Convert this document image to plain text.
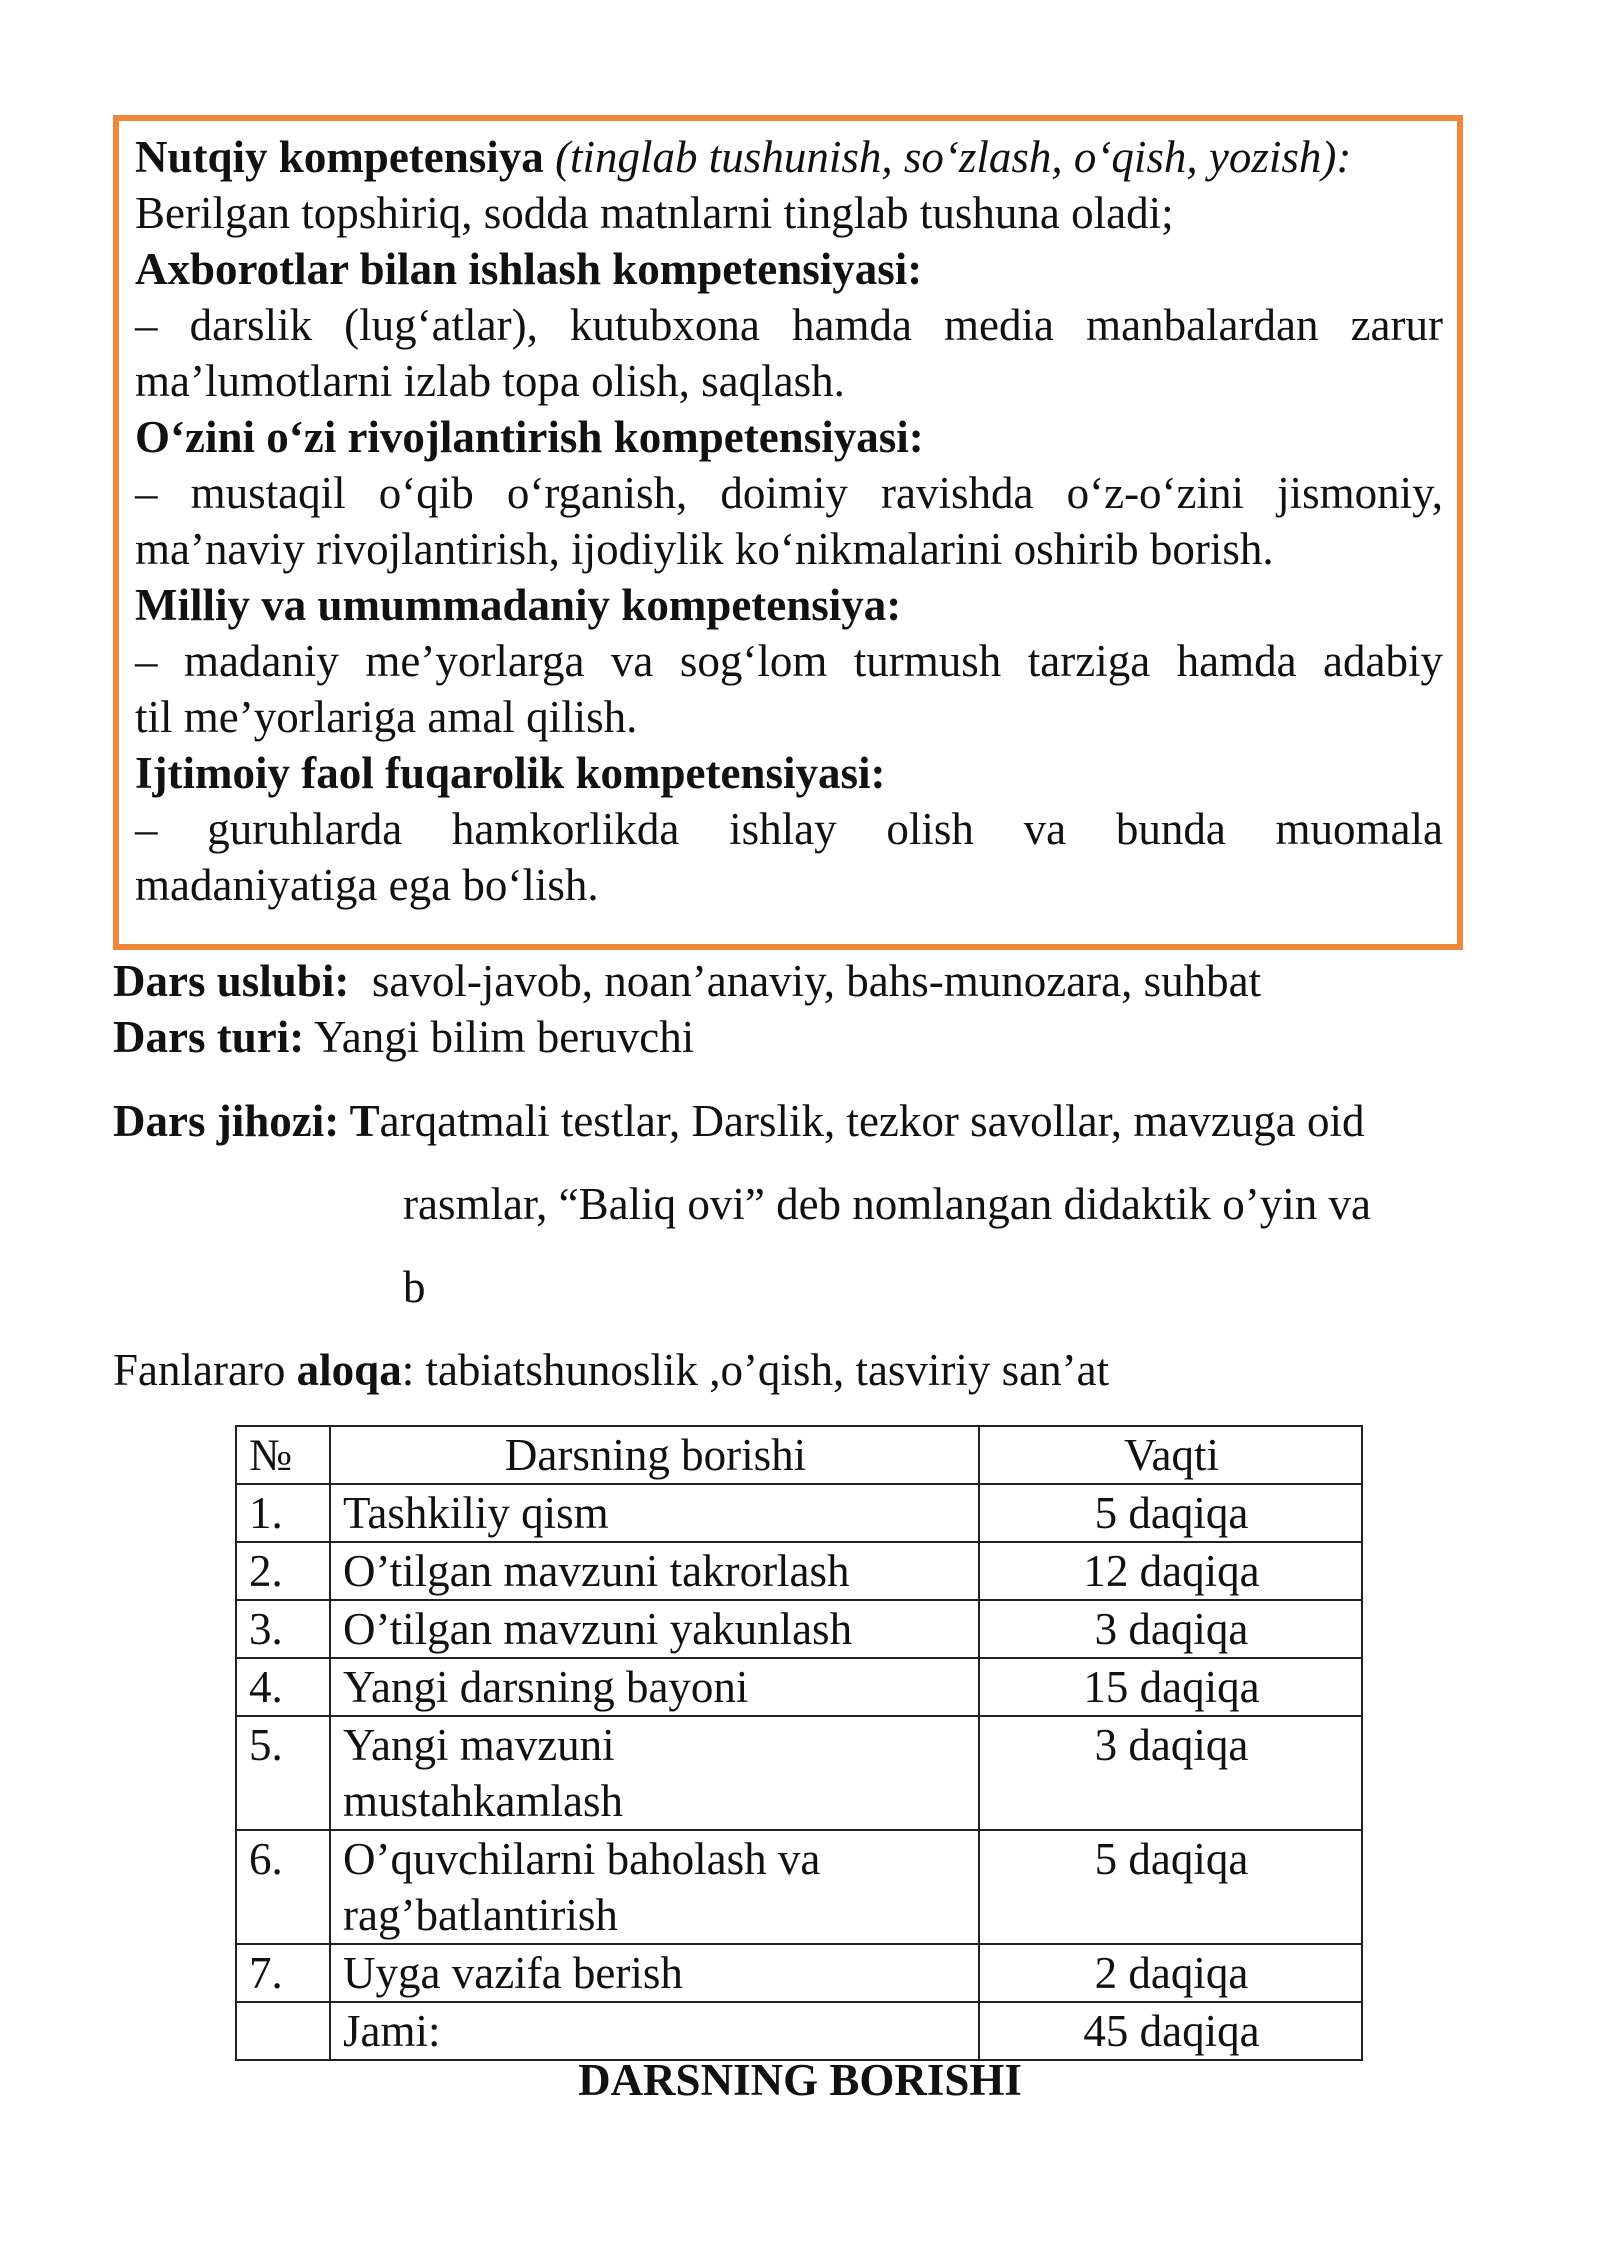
Nutqiy kompetensiya (tinglab tushunish, so‘zlash, o‘qish, yozish):

Berilgan topshiriq, sodda matnlarni tinglab tushuna oladi;

Axborotlar bilan ishlash kompetensiyasi:

– darslik (lug‘atlar), kutubxona hamda media manbalardan zarur

ma’lumotlarni izlab topa olish, saqlash.

O‘zini o‘zi rivojlantirish kompetensiyasi:

– mustaqil o‘qib o‘rganish, doimiy ravishda o‘z-o‘zini jismoniy,

ma’naviy rivojlantirish, ijodiylik ko‘nikmalarini oshirib borish.

Milliy va umummadaniy kompetensiya:

– madaniy me’yorlarga va sog‘lom turmush tarziga hamda adabiy

til me’yorlariga amal qilish.

Ijtimoiy faol fuqarolik kompetensiyasi:

– guruhlarda hamkorlikda ishlay olish va bunda muomala

madaniyatiga ega bo‘lish.

Dars uslubi: savol-javob, noan’anaviy, bahs-munozara, suhbat

Dars turi: Yangi bilim beruvchi

Dars jihozi: Tarqatmali testlar, Darslik, tezkor savollar, mavzuga oid

rasmlar, “Baliq ovi” deb nomlangan didaktik o’yin va

b

Fanlararo aloqa: tabiatshunoslik ,o’qish, tasviriy san’at

№	Darsning borishi	Vaqti
1.	Tashkiliy qism	5 daqiqa
2.	O’tilgan mavzuni takrorlash	12 daqiqa
3.	O’tilgan mavzuni yakunlash	3 daqiqa
4.	Yangi darsning bayoni	15 daqiqa
5.	Yangi mavzuni
mustahkamlash	3 daqiqa
6.	O’quvchilarni baholash va
rag’batlantirish	5 daqiqa
7.	Uyga vazifa berish	2 daqiqa
	Jami:	45 daqiqa
DARSNING BORISHI
